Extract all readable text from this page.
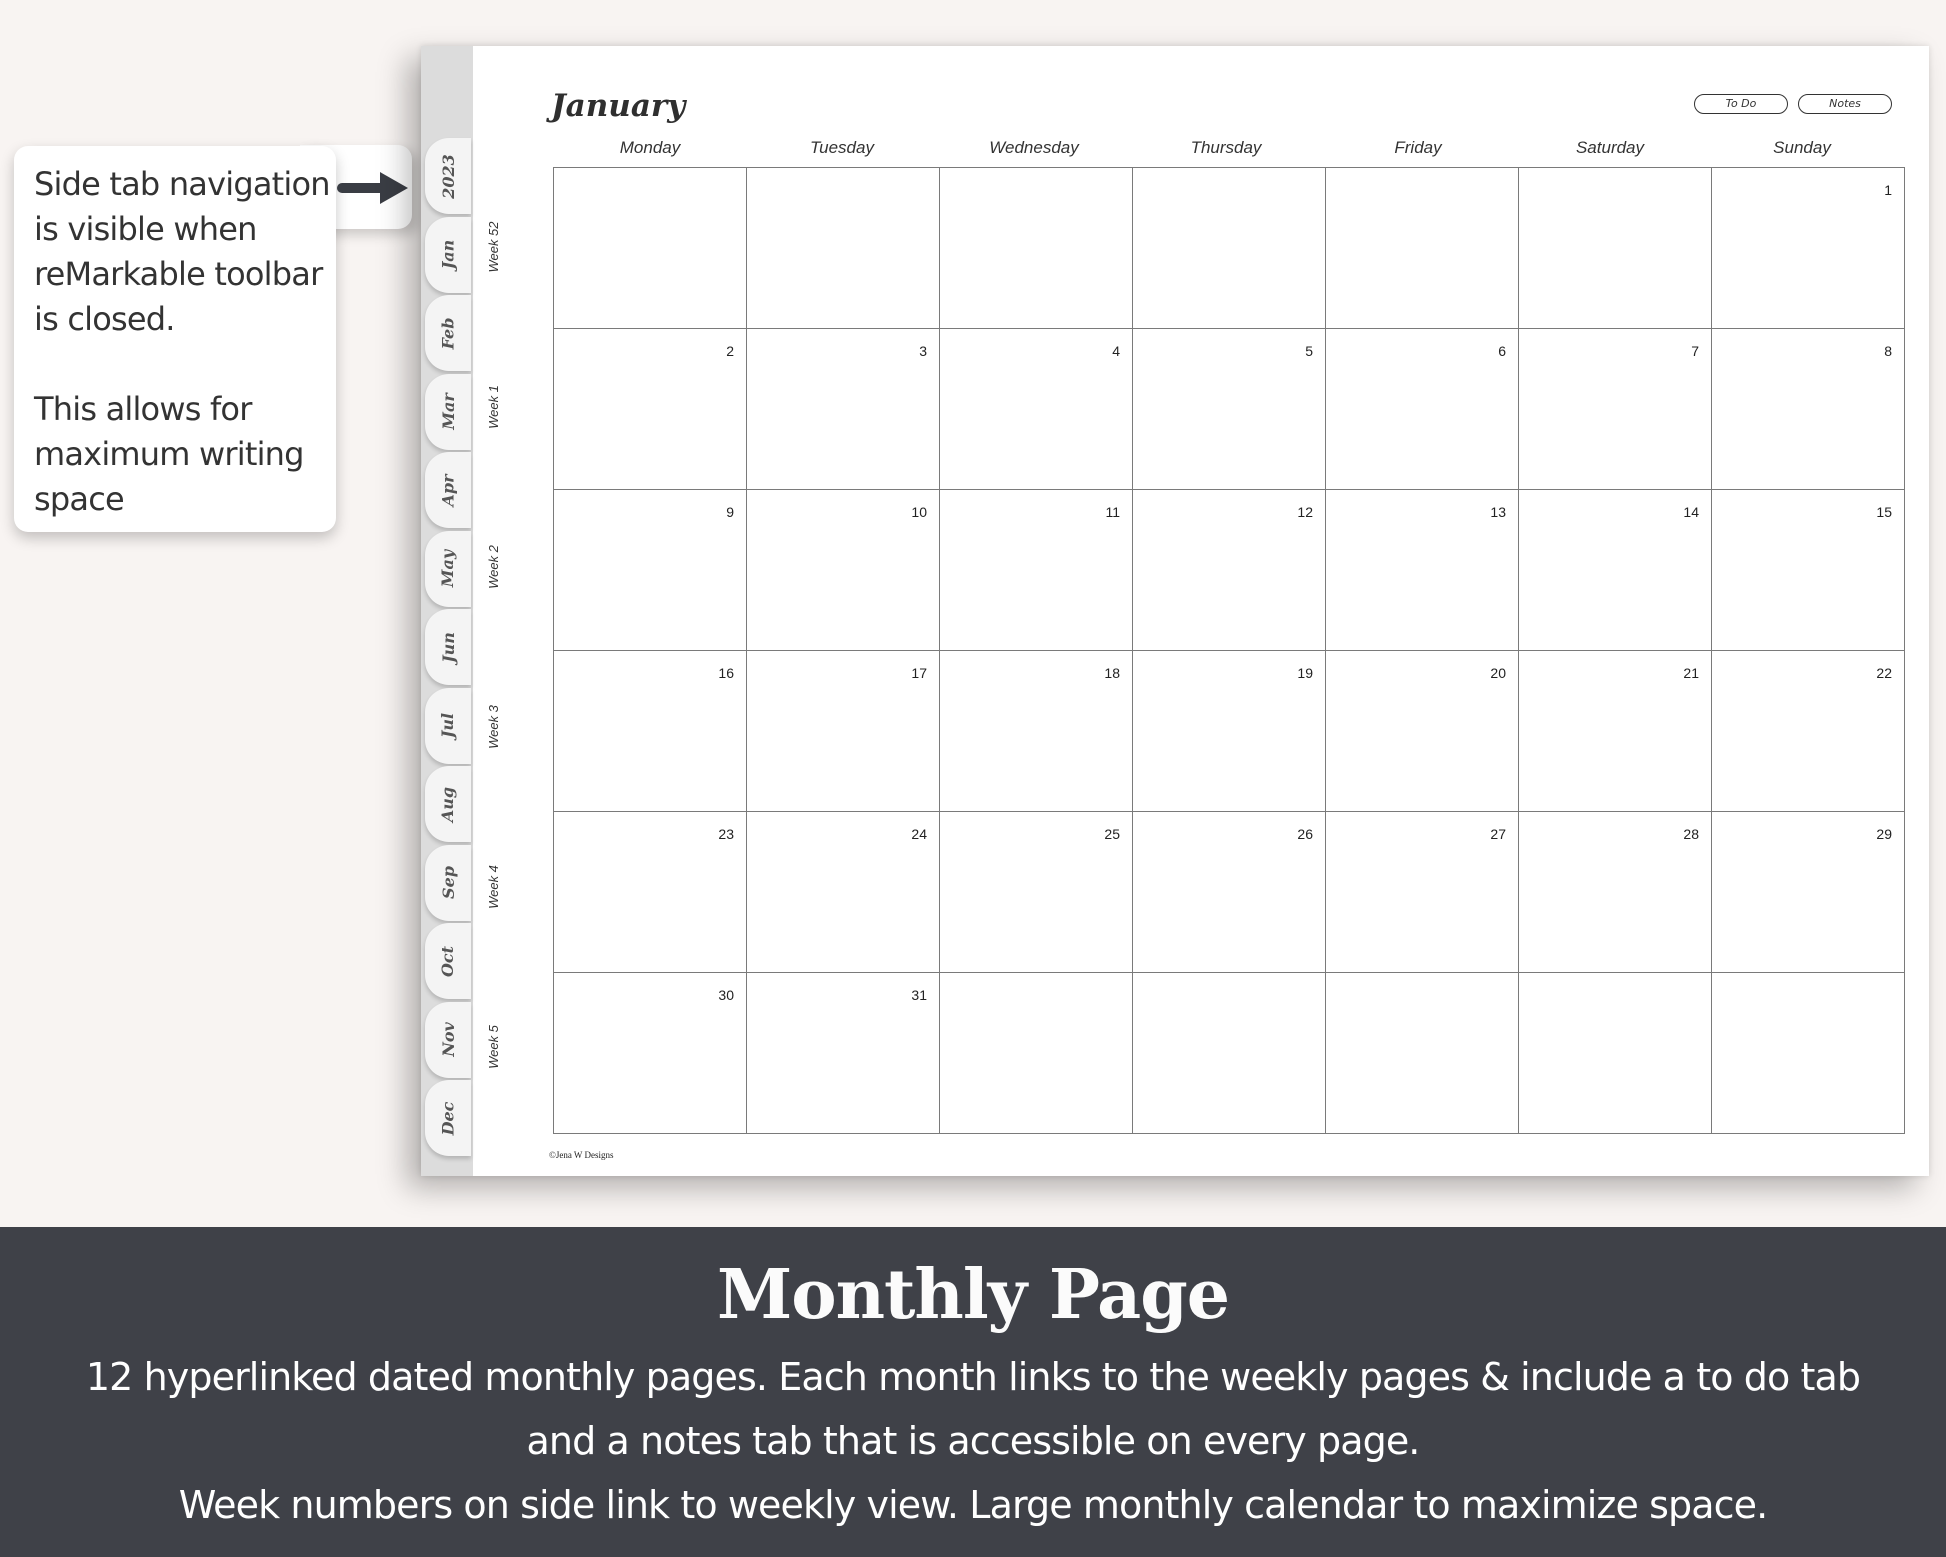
Side tab navigation

is visible when

reMarkable toolbar

is closed.

This allows for

maximum writing

space

January	To Do	Notes
Monday	Tuesday	Wednesday	Thursday	Friday	Saturday	Sunday
						1
2	3	4	5	6	7	8
9	10	11	12	13	14	15
16	17	18	19	20	21	22
23	24	25	26	27	28	29
30	31					
©Jena W Designs
2023
Jan
Feb
Mar
Apr
May
Jun
Jul
Aug
Sep
Oct
Nov
Dec
Week 52
Week 1
Week 2
Week 3
Week 4
Week 5
Monthly Page
12 hyperlinked dated monthly pages. Each month links to the weekly pages & include a to do tab
and a notes tab that is accessible on every page.
Week numbers on side link to weekly view. Large monthly calendar to maximize space.
